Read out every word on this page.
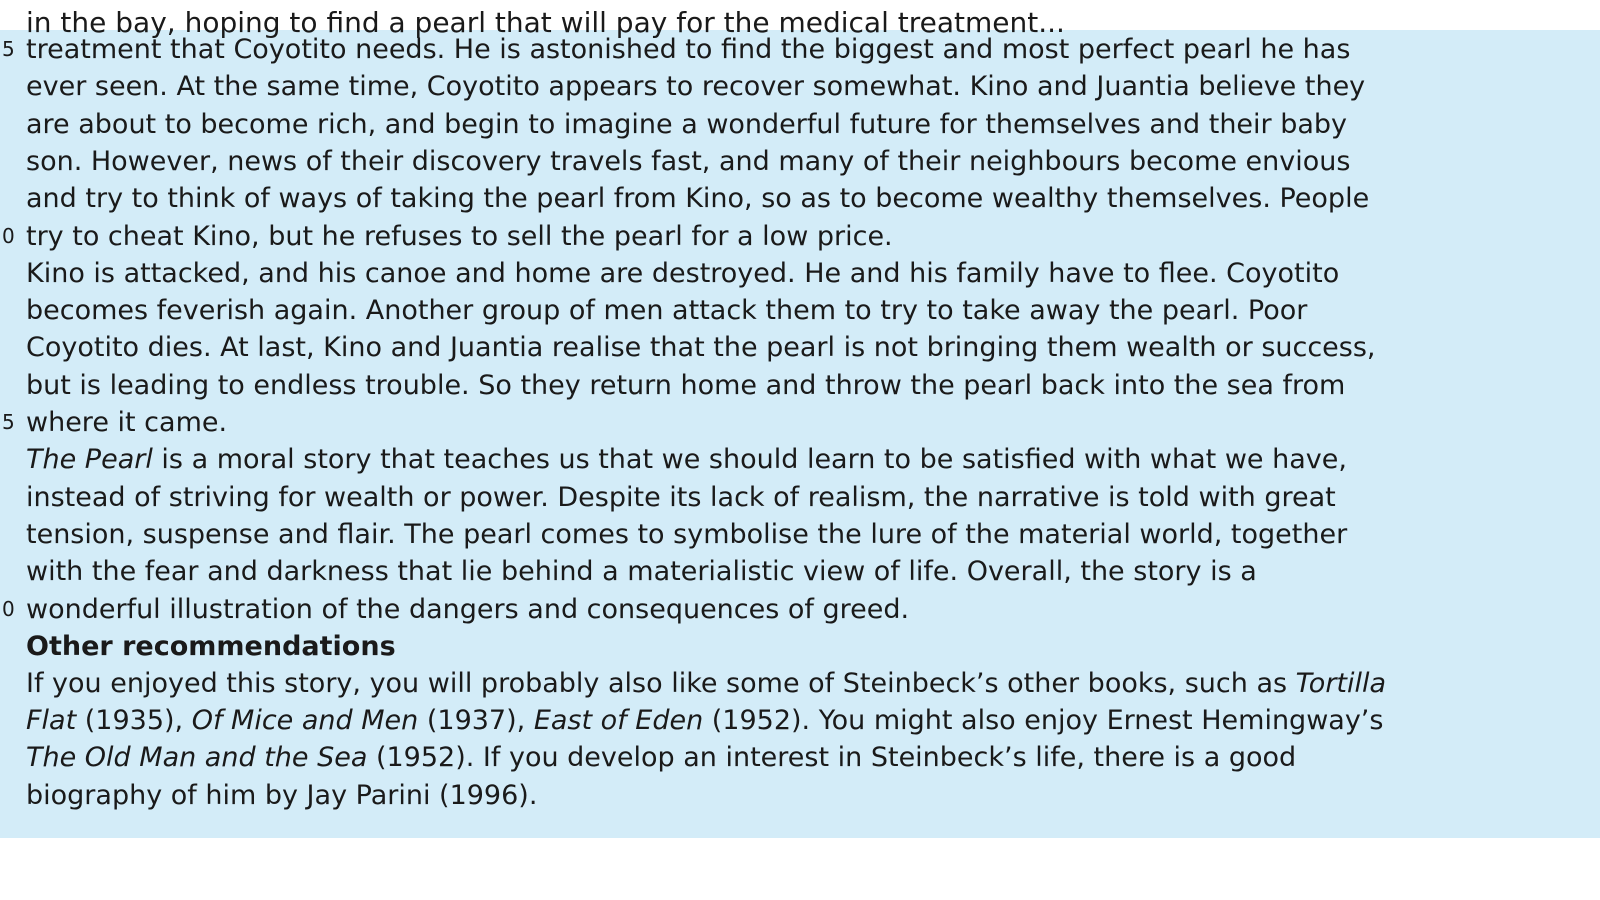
in the bay, hoping to find a pearl that will pay for the medical treatment...
5
0
5
0
treatment that Coyotito needs. He is astonished to find the biggest and most perfect pearl he has
ever seen. At the same time, Coyotito appears to recover somewhat. Kino and Juantia believe they
are about to become rich, and begin to imagine a wonderful future for themselves and their baby
son. However, news of their discovery travels fast, and many of their neighbours become envious
and try to think of ways of taking the pearl from Kino, so as to become wealthy themselves. People
try to cheat Kino, but he refuses to sell the pearl for a low price.
Kino is attacked, and his canoe and home are destroyed. He and his family have to flee. Coyotito
becomes feverish again. Another group of men attack them to try to take away the pearl. Poor
Coyotito dies. At last, Kino and Juantia realise that the pearl is not bringing them wealth or success,
but is leading to endless trouble. So they return home and throw the pearl back into the sea from
where it came.
The Pearl is a moral story that teaches us that we should learn to be satisfied with what we have,
instead of striving for wealth or power. Despite its lack of realism, the narrative is told with great
tension, suspense and flair. The pearl comes to symbolise the lure of the material world, together
with the fear and darkness that lie behind a materialistic view of life. Overall, the story is a
wonderful illustration of the dangers and consequences of greed.
Other recommendations
If you enjoyed this story, you will probably also like some of Steinbeck’s other books, such as Tortilla
Flat (1935), Of Mice and Men (1937), East of Eden (1952). You might also enjoy Ernest Hemingway’s
The Old Man and the Sea (1952). If you develop an interest in Steinbeck’s life, there is a good
biography of him by Jay Parini (1996).
